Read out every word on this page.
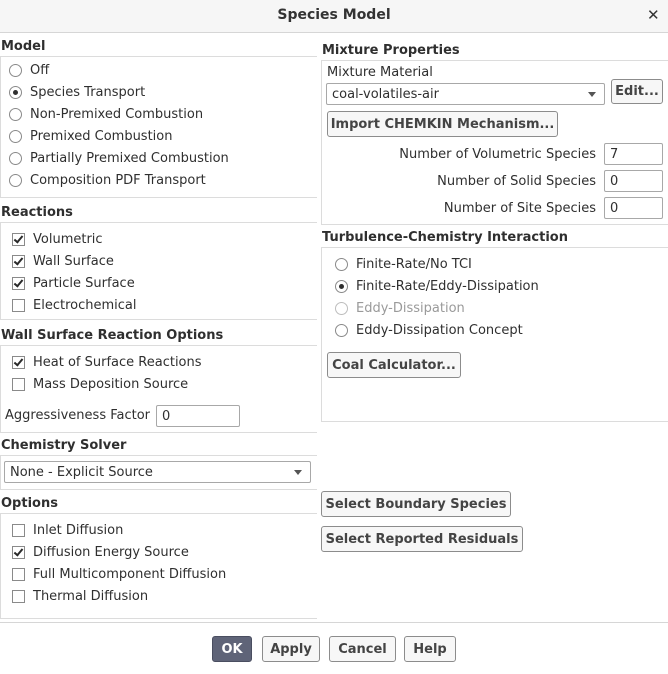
Species Model	✕
Model
Off
Species Transport
Non-Premixed Combustion
Premixed Combustion
Partially Premixed Combustion
Composition PDF Transport
Reactions
Volumetric
Wall Surface
Particle Surface
Electrochemical
Wall Surface Reaction Options
Heat of Surface Reactions
Mass Deposition Source
Aggressiveness Factor 0
Chemistry Solver
None - Explicit Source
Options
Inlet Diffusion
Diffusion Energy Source
Full Multicomponent Diffusion
Thermal Diffusion
Mixture Properties
Mixture Material
coal-volatiles-air	Edit...
Import CHEMKIN Mechanism...
Number of Volumetric Species	7
Number of Solid Species	0
Number of Site Species	0
Turbulence-Chemistry Interaction
Finite-Rate/No TCI
Finite-Rate/Eddy-Dissipation
Eddy-Dissipation
Eddy-Dissipation Concept
Coal Calculator...
Select Boundary Species
Select Reported Residuals
OK	Apply	Cancel	Help
